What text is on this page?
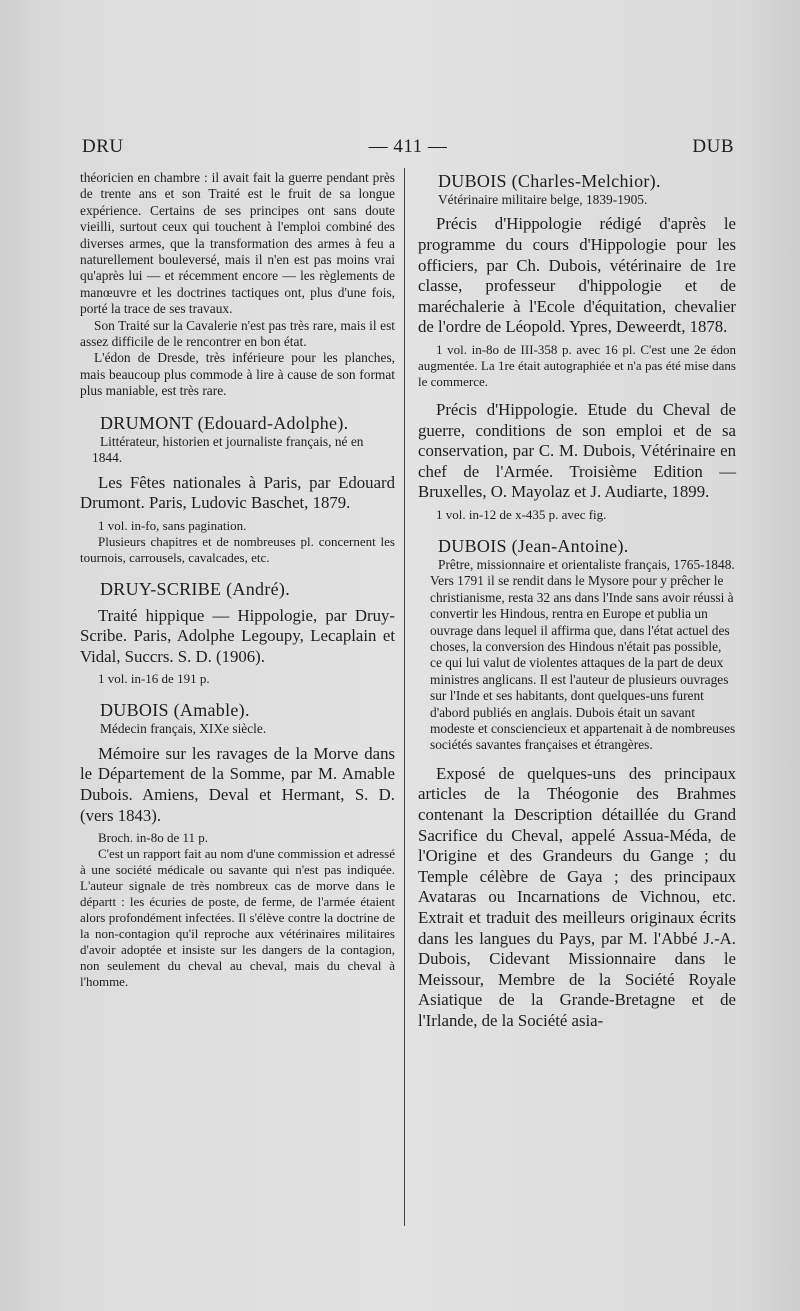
DRU	— 411 —	DUB

théoricien en chambre : il avait fait la guerre pendant près de trente ans et son Traité est le fruit de sa longue expérience. Certains de ses principes ont sans doute vieilli, surtout ceux qui touchent à l'emploi combiné des diverses armes, que la transformation des armes à feu a naturellement bouleversé, mais il n'en est pas moins vrai qu'après lui — et récemment encore — les règlements de manœuvre et les doctrines tactiques ont, plus d'une fois, porté la trace de ses travaux.

Son Traité sur la Cavalerie n'est pas très rare, mais il est assez difficile de le rencontrer en bon état.

L'édon de Dresde, très inférieure pour les planches, mais beaucoup plus commode à lire à cause de son format plus maniable, est très rare.

DRUMONT (Edouard-Adolphe).

Littérateur, historien et journaliste français, né en 1844.

Les Fêtes nationales à Paris, par Edouard Drumont. Paris, Ludovic Baschet, 1879.

1 vol. in-fo, sans pagination.

Plusieurs chapitres et de nombreuses pl. concernent les tournois, carrousels, cavalcades, etc.

DRUY-SCRIBE (André).

Traité hippique — Hippologie, par Druy-Scribe. Paris, Adolphe Legoupy, Lecaplain et Vidal, Succrs. S. D. (1906).

1 vol. in-16 de 191 p.

DUBOIS (Amable).

Médecin français, XIXe siècle.

Mémoire sur les ravages de la Morve dans le Département de la Somme, par M. Amable Dubois. Amiens, Deval et Hermant, S. D. (vers 1843).

Broch. in-8o de 11 p.

C'est un rapport fait au nom d'une commission et adressé à une société médicale ou savante qui n'est pas indiquée. L'auteur signale de très nombreux cas de morve dans le départt : les écuries de poste, de ferme, de l'armée étaient alors profondément infectées. Il s'élève contre la doctrine de la non-contagion qu'il reproche aux vétérinaires militaires d'avoir adoptée et insiste sur les dangers de la contagion, non seulement du cheval au cheval, mais du cheval à l'homme.

DUBOIS (Charles-Melchior).

Vétérinaire militaire belge, 1839-1905.

Précis d'Hippologie rédigé d'après le programme du cours d'Hippologie pour les officiers, par Ch. Dubois, vétérinaire de 1re classe, professeur d'hippologie et de maréchalerie à l'Ecole d'équitation, chevalier de l'ordre de Léopold. Ypres, Deweerdt, 1878.

1 vol. in-8o de III-358 p. avec 16 pl. C'est une 2e édon augmentée. La 1re était autographiée et n'a pas été mise dans le commerce.

Précis d'Hippologie. Etude du Cheval de guerre, conditions de son emploi et de sa conservation, par C. M. Dubois, Vétérinaire en chef de l'Armée. Troisième Edition — Bruxelles, O. Mayolaz et J. Audiarte, 1899.

1 vol. in-12 de x-435 p. avec fig.

DUBOIS (Jean-Antoine).

Prêtre, missionnaire et orientaliste français, 1765-1848. Vers 1791 il se rendit dans le Mysore pour y prêcher le christianisme, resta 32 ans dans l'Inde sans avoir réussi à convertir les Hindous, rentra en Europe et publia un ouvrage dans lequel il affirma que, dans l'état actuel des choses, la conversion des Hindous n'était pas possible, ce qui lui valut de violentes attaques de la part de deux ministres anglicans. Il est l'auteur de plusieurs ouvrages sur l'Inde et ses habitants, dont quelques-uns furent d'abord publiés en anglais. Dubois était un savant modeste et consciencieux et appartenait à de nombreuses sociétés savantes françaises et étrangères.

Exposé de quelques-uns des principaux articles de la Théogonie des Brahmes contenant la Description détaillée du Grand Sacrifice du Cheval, appelé Assua-Méda, de l'Origine et des Grandeurs du Gange ; du Temple célèbre de Gaya ; des principaux Avataras ou Incarnations de Vichnou, etc. Extrait et traduit des meilleurs originaux écrits dans les langues du Pays, par M. l'Abbé J.-A. Dubois, Cidevant Missionnaire dans le Meissour, Membre de la Société Royale Asiatique de la Grande-Bretagne et de l'Irlande, de la Société asia-
